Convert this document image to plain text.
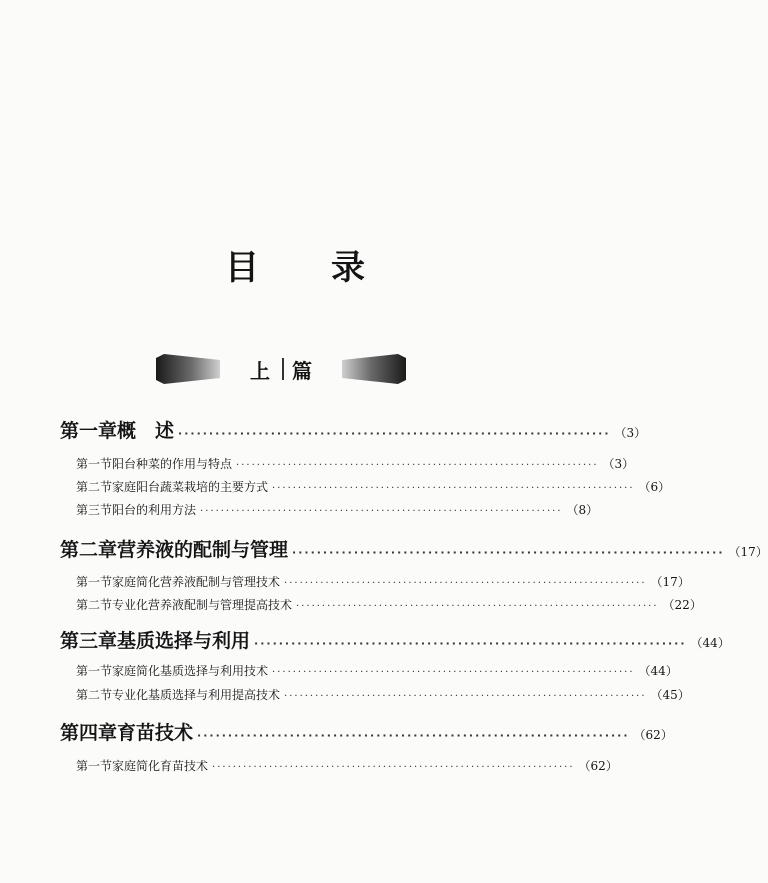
目 录
上 篇
第一章 概　述 ······································································ （3）
第一节 阳台种菜的作用与特点 ······································································ （3）
第二节 家庭阳台蔬菜栽培的主要方式 ······································································ （6）
第三节 阳台的利用方法 ······································································ （8）
第二章 营养液的配制与管理 ······································································ （17）
第一节 家庭简化营养液配制与管理技术 ······································································ （17）
第二节 专业化营养液配制与管理提高技术 ······································································ （22）
第三章 基质选择与利用 ······································································ （44）
第一节 家庭简化基质选择与利用技术 ······································································ （44）
第二节 专业化基质选择与利用提高技术 ······································································ （45）
第四章 育苗技术 ······································································ （62）
第一节 家庭简化育苗技术 ······································································ （62）
